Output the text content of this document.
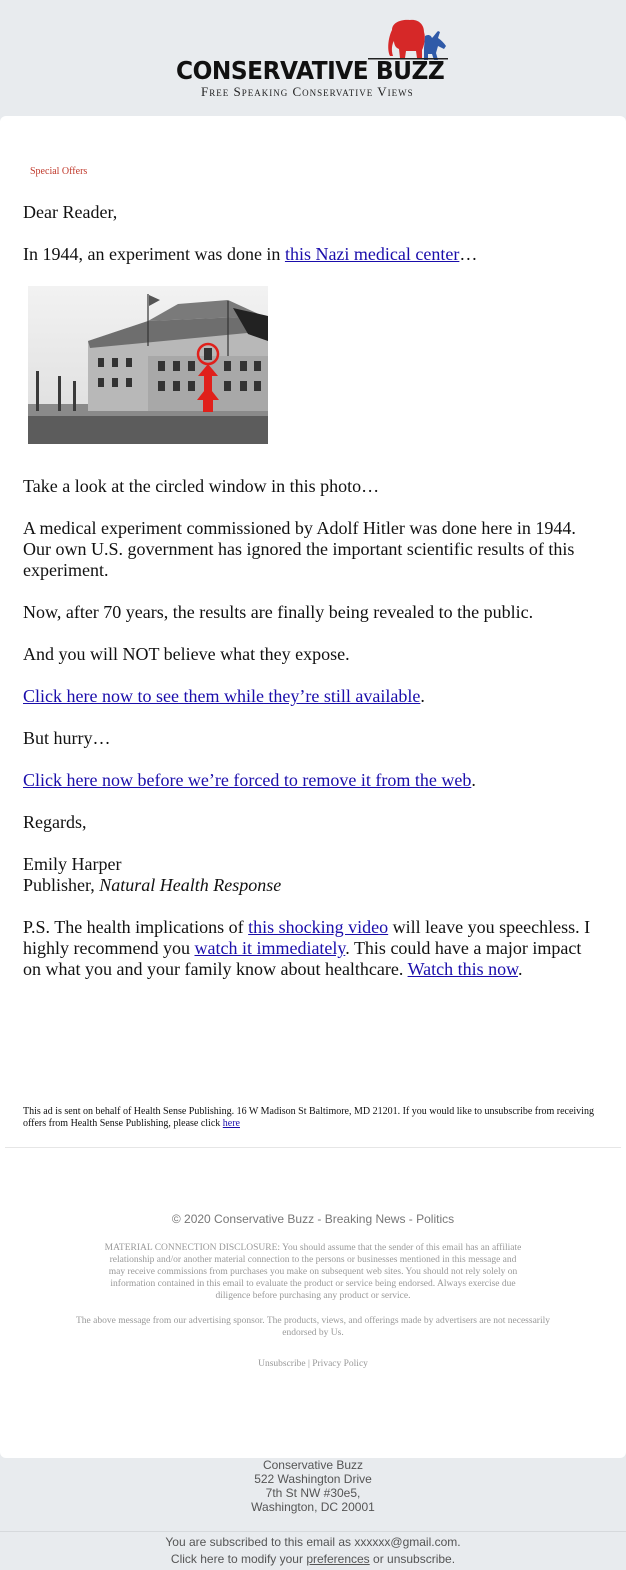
CONSERVATIVE BUZZ
Free Speaking Conservative Views
Special Offers

Dear Reader,

In 1944, an experiment was done in this Nazi medical center…

Take a look at the circled window in this photo…

A medical experiment commissioned by Adolf Hitler was done here in 1944. Our own U.S. government has ignored the important scientific results of this experiment.

Now, after 70 years, the results are finally being revealed to the public.

And you will NOT believe what they expose.

Click here now to see them while they’re still available.

But hurry…

Click here now before we’re forced to remove it from the web.

Regards,

Emily Harper
Publisher, Natural Health Response

P.S. The health implications of this shocking video will leave you speechless. I highly recommend you watch it immediately. This could have a major impact on what you and your family know about healthcare. Watch this now.

This ad is sent on behalf of Health Sense Publishing. 16 W Madison St Baltimore, MD 21201. If you would like to unsubscribe from receiving offers from Health Sense Publishing, please click here
© 2020 Conservative Buzz - Breaking News - Politics
MATERIAL CONNECTION DISCLOSURE: You should assume that the sender of this email has an affiliate relationship and/or another material connection to the persons or businesses mentioned in this message and may receive commissions from purchases you make on subsequent web sites. You should not rely solely on information contained in this email to evaluate the product or service being endorsed. Always exercise due diligence before purchasing any product or service.
The above message from our advertising sponsor. The products, views, and offerings made by advertisers are not necessarily endorsed by Us.
Unsubscribe | Privacy Policy
Conservative Buzz
522 Washington Drive
7th St NW #30e5,
Washington, DC 20001
You are subscribed to this email as xxxxxx@gmail.com.
Click here to modify your preferences or unsubscribe.
